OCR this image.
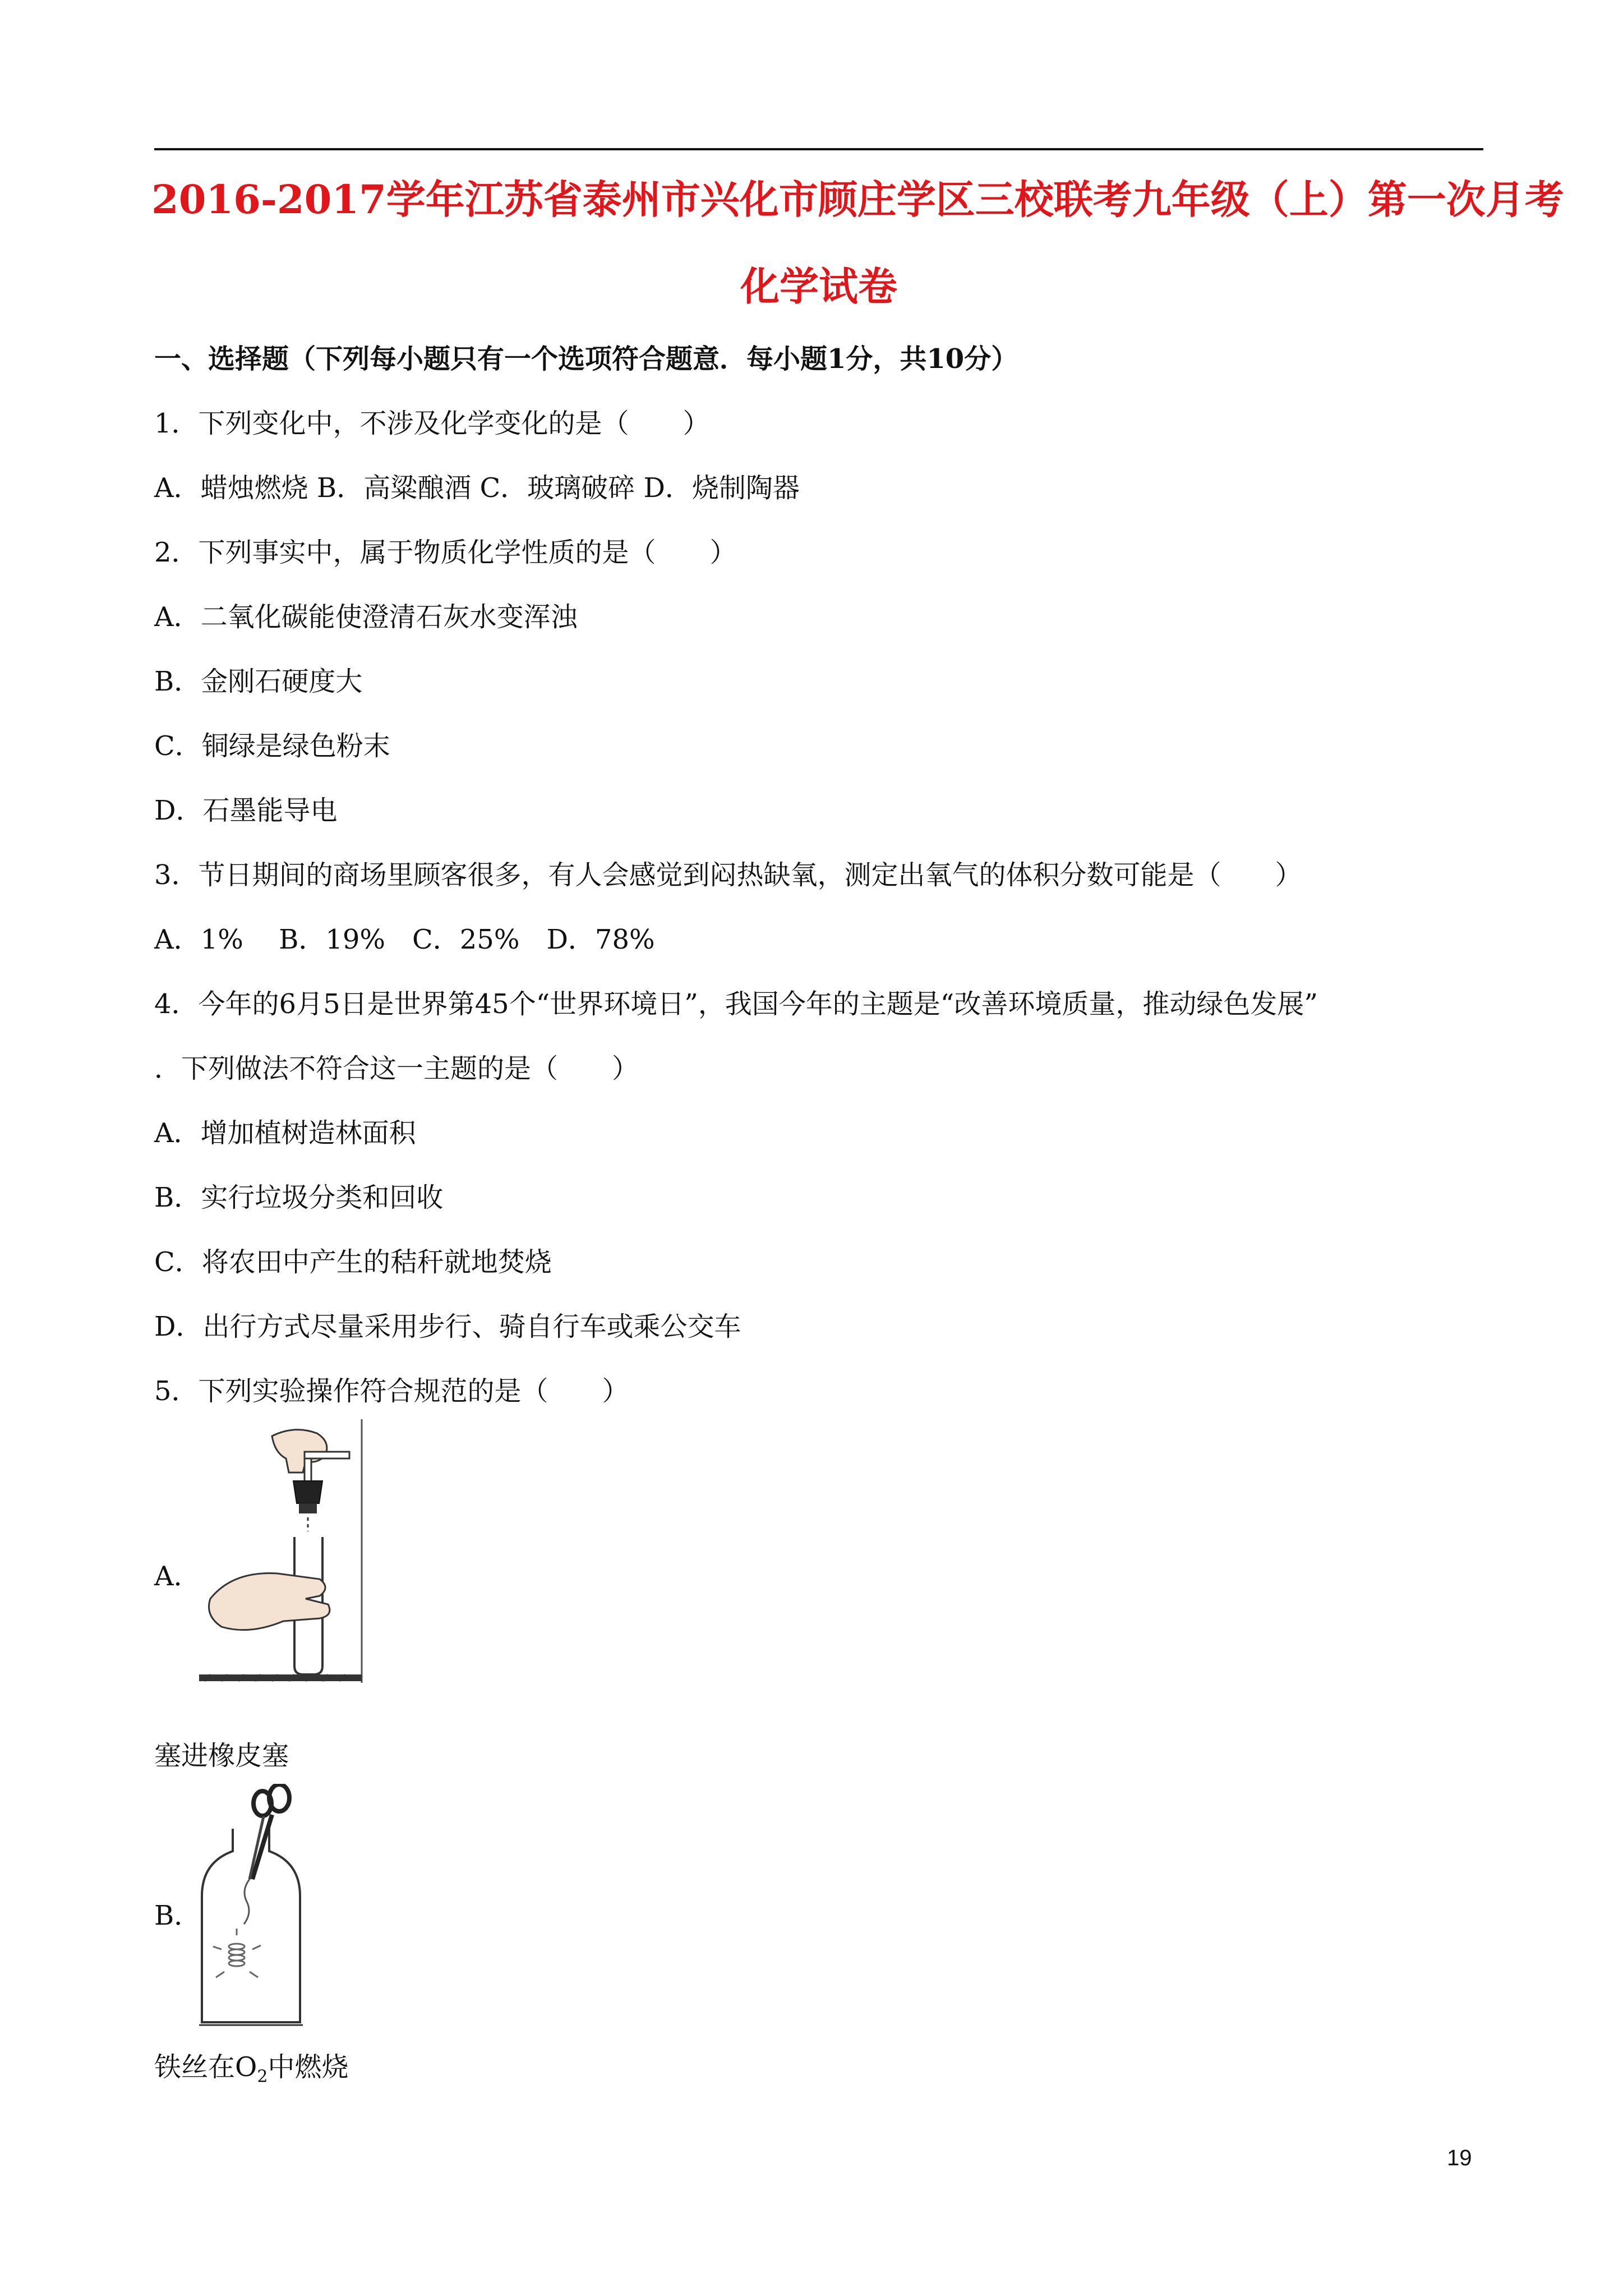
2016-2017学年江苏省泰州市兴化市顾庄学区三校联考九年级（上）第一次月考
化学试卷
一、选择题（下列每小题只有一个选项符合题意．每小题1分，共10分）
1．下列变化中，不涉及化学变化的是（　　）
A．蜡烛燃烧 B．高粱酿酒 C．玻璃破碎 D．烧制陶器
2．下列事实中，属于物质化学性质的是（　　）
A．二氧化碳能使澄清石灰水变浑浊
B．金刚石硬度大
C．铜绿是绿色粉末
D．石墨能导电
3．节日期间的商场里顾客很多，有人会感觉到闷热缺氧，测定出氧气的体积分数可能是（　　）
A．1%　 B．19%　C．25%　D．78%
4．今年的6月5日是世界第45个“世界环境日”，我国今年的主题是“改善环境质量，推动绿色发展”
．下列做法不符合这一主题的是（　　）
A．增加植树造林面积
B．实行垃圾分类和回收
C．将农田中产生的秸秆就地焚烧
D．出行方式尽量采用步行、骑自行车或乘公交车
5．下列实验操作符合规范的是（　　）
A．
塞进橡皮塞
B．
铁丝在$O_2$中燃烧
19
